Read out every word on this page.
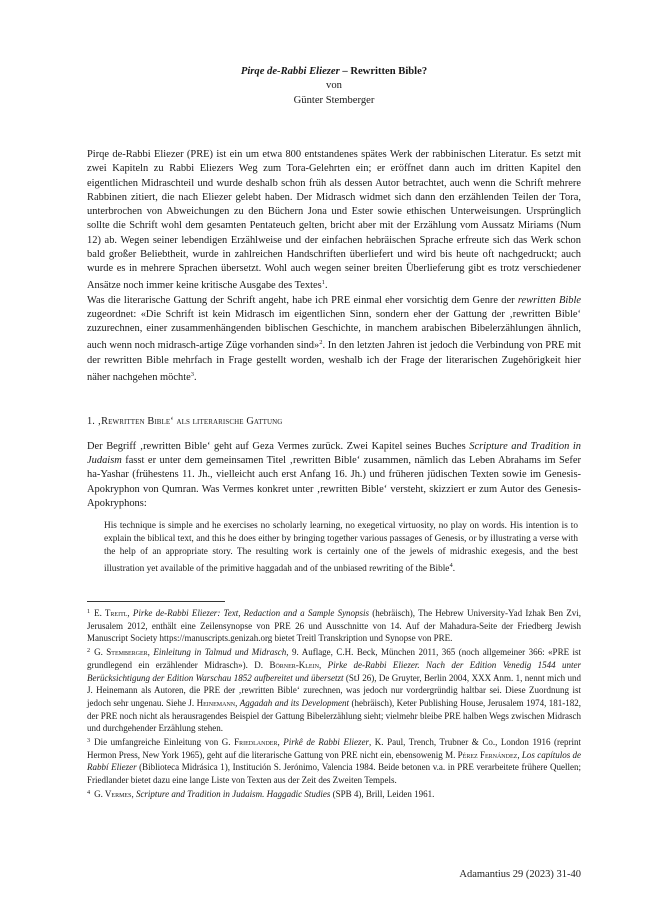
Pirqe de-Rabbi Eliezer – Rewritten Bible?
von
Günter Stemberger

Pirqe de-Rabbi Eliezer (PRE) ist ein um etwa 800 entstandenes spätes Werk der rabbinischen Literatur. Es setzt mit zwei Kapiteln zu Rabbi Eliezers Weg zum Tora-Gelehrten ein; er eröffnet dann auch im dritten Kapitel den eigentlichen Midraschteil und wurde deshalb schon früh als dessen Autor betrachtet, auch wenn die Schrift mehrere Rabbinen zitiert, die nach Eliezer gelebt haben. Der Midrasch widmet sich dann den erzählenden Teilen der Tora, unterbrochen von Abweichungen zu den Büchern Jona und Ester sowie ethischen Unterweisungen. Ursprünglich sollte die Schrift wohl dem gesamten Pentateuch gelten, bricht aber mit der Erzählung vom Aussatz Miriams (Num 12) ab. Wegen seiner lebendigen Erzählweise und der einfachen hebräischen Sprache erfreute sich das Werk schon bald großer Beliebtheit, wurde in zahlreichen Handschriften überliefert und wird bis heute oft nachgedruckt; auch wurde es in mehrere Sprachen übersetzt. Wohl auch wegen seiner breiten Überlieferung gibt es trotz verschiedener Ansätze noch immer keine kritische Ausgabe des Textes$^1$.

Was die literarische Gattung der Schrift angeht, habe ich PRE einmal eher vorsichtig dem Genre der rewritten Bible zugeordnet: «Die Schrift ist kein Midrasch im eigentlichen Sinn, sondern eher der Gattung der ‚rewritten Bible‘ zuzurechnen, einer zusammenhängenden biblischen Geschichte, in manchem arabischen Bibelerzählungen ähnlich, auch wenn noch midrasch-artige Züge vorhanden sind»$^2$. In den letzten Jahren ist jedoch die Verbindung von PRE mit der rewritten Bible mehrfach in Frage gestellt worden, weshalb ich der Frage der literarischen Zugehörigkeit hier näher nachgehen möchte$^3$.

1. ‚Rewritten Bible‘ als literarische Gattung
Der Begriff ‚rewritten Bible‘ geht auf Geza Vermes zurück. Zwei Kapitel seines Buches Scripture and Tradition in Judaism fasst er unter dem gemeinsamen Titel ‚rewritten Bible‘ zusammen, nämlich das Leben Abrahams im Sefer ha-Yashar (frühestens 11. Jh., vielleicht auch erst Anfang 16. Jh.) und früheren jüdischen Texten sowie im Genesis-Apokryphon von Qumran. Was Vermes konkret unter ‚rewritten Bible‘ versteht, skizziert er zum Autor des Genesis-Apokryphons:
His technique is simple and he exercises no scholarly learning, no exegetical virtuosity, no play on words. His intention is to explain the biblical text, and this he does either by bringing together various passages of Genesis, or by illustrating a verse with the help of an appropriate story. The resulting work is certainly one of the jewels of midrashic exegesis, and the best illustration yet available of the primitive haggadah and of the unbiased rewriting of the Bible$^4$.

$^1$ E. Treitl, Pirke de-Rabbi Eliezer: Text, Redaction and a Sample Synopsis (hebräisch), The Hebrew University-Yad Izhak Ben Zvi, Jerusalem 2012, enthält eine Zeilensynopse von PRE 26 und Ausschnitte von 14. Auf der Mahadura-Seite der Friedberg Jewish Manuscript Society https://manuscripts.genizah.org bietet Treitl Transkription und Synopse von PRE.

$^2$ G. Stemberger, Einleitung in Talmud und Midrasch, 9. Auflage, C.H. Beck, München 2011, 365 (noch allgemeiner 366: «PRE ist grundlegend ein erzählender Midrasch»). D. Börner-Klein, Pirke de-Rabbi Eliezer. Nach der Edition Venedig 1544 unter Berücksichtigung der Edition Warschau 1852 aufbereitet und übersetzt (StJ 26), De Gruyter, Berlin 2004, XXX Anm. 1, nennt mich und J. Heinemann als Autoren, die PRE der ‚rewritten Bible‘ zurechnen, was jedoch nur vordergründig haltbar sei. Diese Zuordnung ist jedoch sehr ungenau. Siehe J. Heinemann, Aggadah and its Development (hebräisch), Keter Publishing House, Jerusalem 1974, 181-182, der PRE noch nicht als herausragendes Beispiel der Gattung Bibelerzählung sieht; vielmehr bleibe PRE halben Wegs zwischen Midrasch und durchgehender Erzählung stehen.

$^3$ Die umfangreiche Einleitung von G. Friedlander, Pirkê de Rabbi Eliezer, K. Paul, Trench, Trubner & Co., London 1916 (reprint Hermon Press, New York 1965), geht auf die literarische Gattung von PRE nicht ein, ebensowenig M. Pérez Fernández, Los capítulos de Rabbí Eliezer (Biblioteca Midrásica 1), Institución S. Jerónimo, Valencia 1984. Beide betonen v.a. in PRE verarbeitete frühere Quellen; Friedlander bietet dazu eine lange Liste von Texten aus der Zeit des Zweiten Tempels.

$^4$ G. Vermes, Scripture and Tradition in Judaism. Haggadic Studies (SPB 4), Brill, Leiden 1961.

Adamantius 29 (2023) 31-40
